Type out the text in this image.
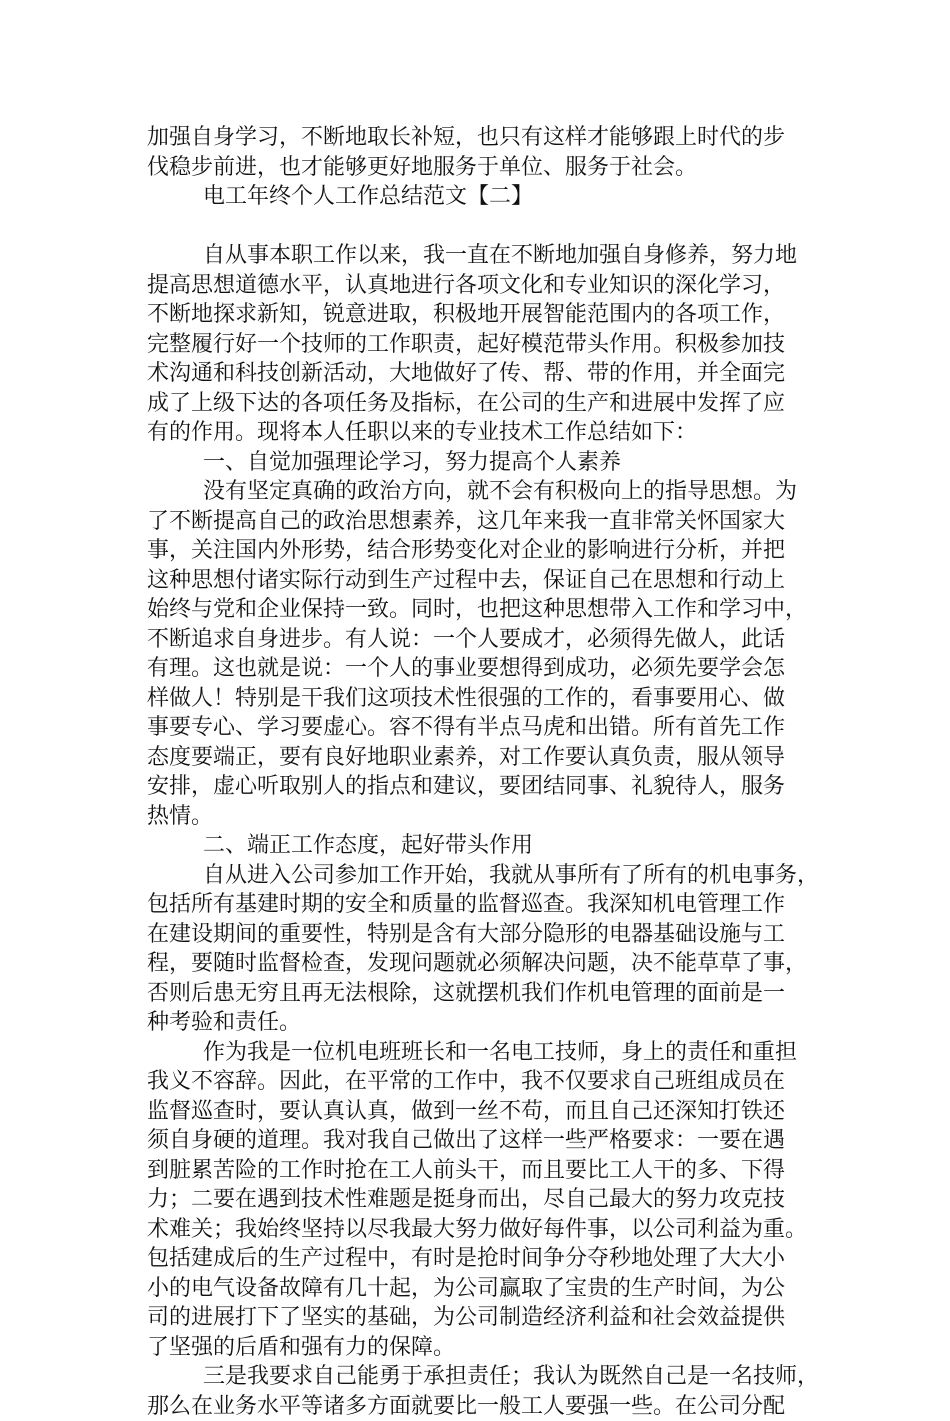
加强自身学习，不断地取长补短，也只有这样才能够跟上时代的步
伐稳步前进，也才能够更好地服务于单位、服务于社会。
电工年终个人工作总结范文【二】
自从事本职工作以来，我一直在不断地加强自身修养，努力地
提高思想道德水平，认真地进行各项文化和专业知识的深化学习，
不断地探求新知，锐意进取，积极地开展智能范围内的各项工作，
完整履行好一个技师的工作职责，起好模范带头作用。积极参加技
术沟通和科技创新活动，大地做好了传、帮、带的作用，并全面完
成了上级下达的各项任务及指标，在公司的生产和进展中发挥了应
有的作用。现将本人任职以来的专业技术工作总结如下：
一、自觉加强理论学习，努力提高个人素养
没有坚定真确的政治方向，就不会有积极向上的指导思想。为
了不断提高自己的政治思想素养，这几年来我一直非常关怀国家大
事，关注国内外形势，结合形势变化对企业的影响进行分析，并把
这种思想付诸实际行动到生产过程中去，保证自己在思想和行动上
始终与党和企业保持一致。同时，也把这种思想带入工作和学习中，
不断追求自身进步。有人说：一个人要成才，必须得先做人，此话
有理。这也就是说：一个人的事业要想得到成功，必须先要学会怎
样做人！特别是干我们这项技术性很强的工作的，看事要用心、做
事要专心、学习要虚心。容不得有半点马虎和出错。所有首先工作
态度要端正，要有良好地职业素养，对工作要认真负责，服从领导
安排，虚心听取别人的指点和建议，要团结同事、礼貌待人，服务
热情。
二、端正工作态度，起好带头作用
自从进入公司参加工作开始，我就从事所有了所有的机电事务，
包括所有基建时期的安全和质量的监督巡查。我深知机电管理工作
在建设期间的重要性，特别是含有大部分隐形的电器基础设施与工
程，要随时监督检查，发现问题就必须解决问题，决不能草草了事，
否则后患无穷且再无法根除，这就摆机我们作机电管理的面前是一
种考验和责任。
作为我是一位机电班班长和一名电工技师，身上的责任和重担
我义不容辞。因此，在平常的工作中，我不仅要求自己班组成员在
监督巡查时，要认真认真，做到一丝不苟，而且自己还深知打铁还
须自身硬的道理。我对我自己做出了这样一些严格要求：一要在遇
到脏累苦险的工作时抢在工人前头干，而且要比工人干的多、下得
力；二要在遇到技术性难题是挺身而出，尽自己最大的努力攻克技
术难关；我始终坚持以尽我最大努力做好每件事，以公司利益为重。
包括建成后的生产过程中，有时是抢时间争分夺秒地处理了大大小
小的电气设备故障有几十起，为公司赢取了宝贵的生产时间，为公
司的进展打下了坚实的基础，为公司制造经济利益和社会效益提供
了坚强的后盾和强有力的保障。
三是我要求自己能勇于承担责任；我认为既然自己是一名技师，
那么在业务水平等诸多方面就要比一般工人要强一些。在公司分配
